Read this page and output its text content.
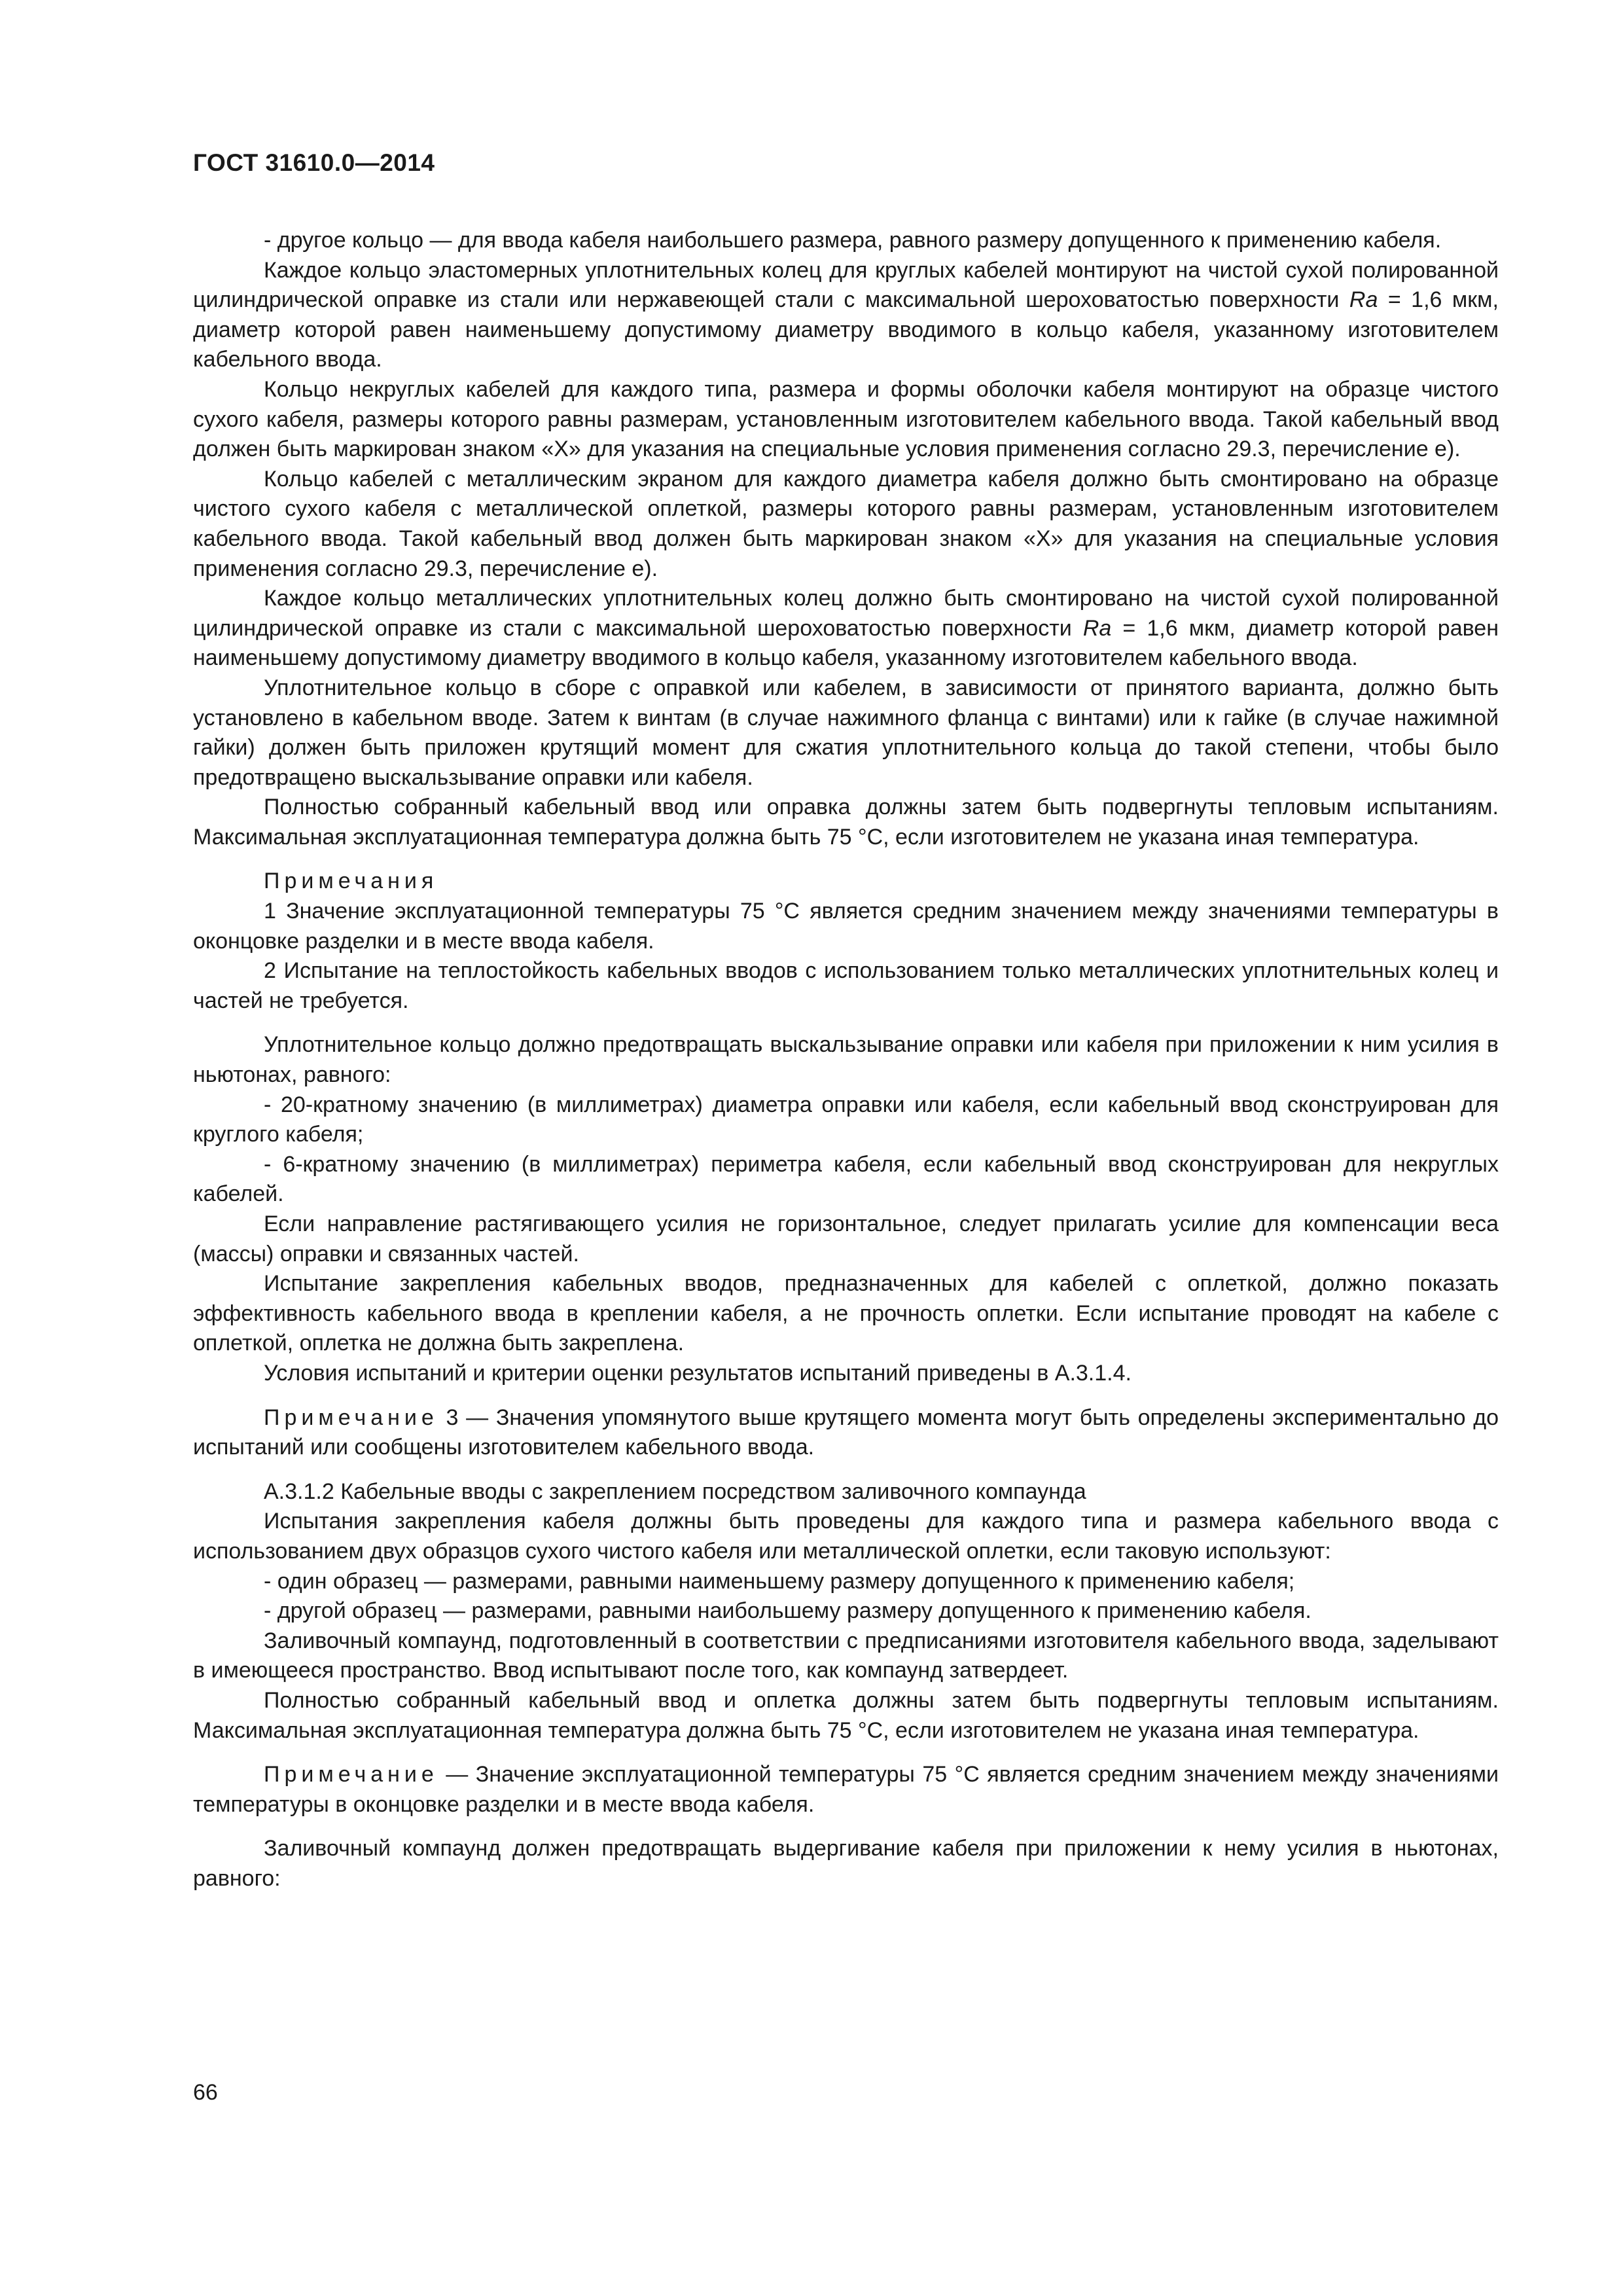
ГОСТ 31610.0—2014

- другое кольцо — для ввода кабеля наибольшего размера, равного размеру допущенного к применению кабеля.

Каждое кольцо эластомерных уплотнительных колец для круглых кабелей монтируют на чистой сухой полированной цилиндрической оправке из стали или нержавеющей стали с максимальной шероховатостью поверхности Ra = 1,6 мкм, диаметр которой равен наименьшему допустимому диаметру вводимого в кольцо кабеля, указанному изготовителем кабельного ввода.

Кольцо некруглых кабелей для каждого типа, размера и формы оболочки кабеля монтируют на образце чистого сухого кабеля, размеры которого равны размерам, установленным изготовителем кабельного ввода. Такой кабельный ввод должен быть маркирован знаком «X» для указания на специальные условия применения согласно 29.3, перечисление е).

Кольцо кабелей с металлическим экраном для каждого диаметра кабеля должно быть смонтировано на образце чистого сухого кабеля с металлической оплеткой, размеры которого равны размерам, установленным изготовителем кабельного ввода. Такой кабельный ввод должен быть маркирован знаком «X» для указания на специальные условия применения согласно 29.3, перечисление е).

Каждое кольцо металлических уплотнительных колец должно быть смонтировано на чистой сухой полированной цилиндрической оправке из стали с максимальной шероховатостью поверхности Ra = 1,6 мкм, диаметр которой равен наименьшему допустимому диаметру вводимого в кольцо кабеля, указанному изготовителем кабельного ввода.

Уплотнительное кольцо в сборе с оправкой или кабелем, в зависимости от принятого варианта, должно быть установлено в кабельном вводе. Затем к винтам (в случае нажимного фланца с винтами) или к гайке (в случае нажимной гайки) должен быть приложен крутящий момент для сжатия уплотнительного кольца до такой степени, чтобы было предотвращено выскальзывание оправки или кабеля.

Полностью собранный кабельный ввод или оправка должны затем быть подвергнуты тепловым испытаниям. Максимальная эксплуатационная температура должна быть 75 °C, если изготовителем не указана иная температура.

Примечания

1 Значение эксплуатационной температуры 75 °C является средним значением между значениями температуры в оконцовке разделки и в месте ввода кабеля.

2 Испытание на теплостойкость кабельных вводов с использованием только металлических уплотнительных колец и частей не требуется.

Уплотнительное кольцо должно предотвращать выскальзывание оправки или кабеля при приложении к ним усилия в ньютонах, равного:

- 20-кратному значению (в миллиметрах) диаметра оправки или кабеля, если кабельный ввод сконструирован для круглого кабеля;

- 6-кратному значению (в миллиметрах) периметра кабеля, если кабельный ввод сконструирован для некруглых кабелей.

Если направление растягивающего усилия не горизонтальное, следует прилагать усилие для компенсации веса (массы) оправки и связанных частей.

Испытание закрепления кабельных вводов, предназначенных для кабелей с оплеткой, должно показать эффективность кабельного ввода в креплении кабеля, а не прочность оплетки. Если испытание проводят на кабеле с оплеткой, оплетка не должна быть закреплена.

Условия испытаний и критерии оценки результатов испытаний приведены в А.3.1.4.

Примечание 3 — Значения упомянутого выше крутящего момента могут быть определены экспериментально до испытаний или сообщены изготовителем кабельного ввода.

А.3.1.2 Кабельные вводы с закреплением посредством заливочного компаунда

Испытания закрепления кабеля должны быть проведены для каждого типа и размера кабельного ввода с использованием двух образцов сухого чистого кабеля или металлической оплетки, если таковую используют:

- один образец — размерами, равными наименьшему размеру допущенного к применению кабеля;

- другой образец — размерами, равными наибольшему размеру допущенного к применению кабеля.

Заливочный компаунд, подготовленный в соответствии с предписаниями изготовителя кабельного ввода, заделывают в имеющееся пространство. Ввод испытывают после того, как компаунд затвердеет.

Полностью собранный кабельный ввод и оплетка должны затем быть подвергнуты тепловым испытаниям. Максимальная эксплуатационная температура должна быть 75 °C, если изготовителем не указана иная температура.

Примечание — Значение эксплуатационной температуры 75 °C является средним значением между значениями температуры в оконцовке разделки и в месте ввода кабеля.

Заливочный компаунд должен предотвращать выдергивание кабеля при приложении к нему усилия в ньютонах, равного:

66
